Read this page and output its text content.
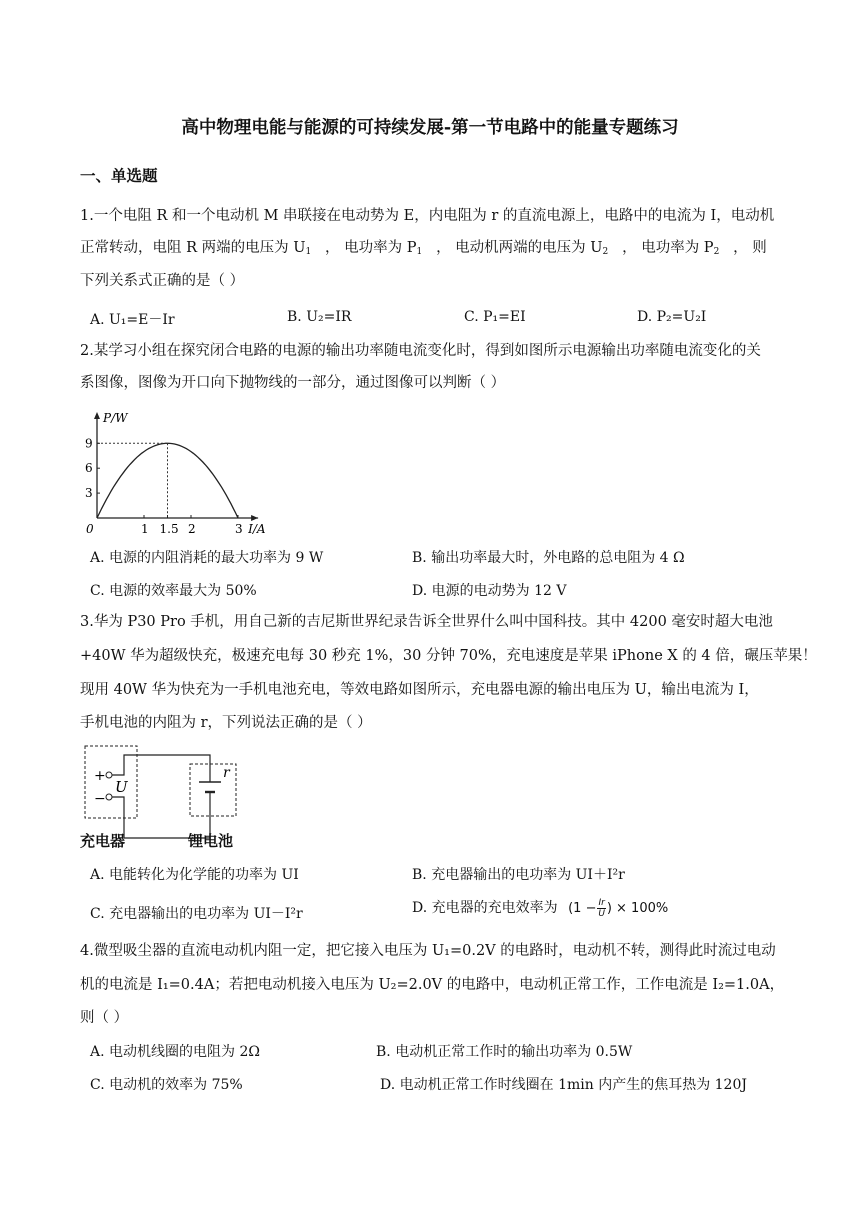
高中物理电能与能源的可持续发展-第一节电路中的能量专题练习
一、单选题
1.一个电阻 R 和一个电动机 M 串联接在电动势为 E，内电阻为 r 的直流电源上，电路中的电流为 I，电动机
正常转动，电阻 R 两端的电压为 $U_1$ ， 电功率为 $P_1$ ， 电动机两端的电压为 $U_2$ ， 电功率为 $P_2$ ， 则
下列关系式正确的是（ ）
A. U₁=E－Ir	B. U₂=IR	C. P₁=EI	D. P₂=U₂I
2.某学习小组在探究闭合电路的电源的输出功率随电流变化时，得到如图所示电源输出功率随电流变化的关
系图像，图像为开口向下抛物线的一部分，通过图像可以判断（ ）
0	1 1.5 2	3
3
6
9
P/W
I/A
A. 电源的内阻消耗的最大功率为 9 W	B. 输出功率最大时，外电路的总电阻为 4 Ω
C. 电源的效率最大为 50%	D. 电源的电动势为 12 V
3.华为 P30 Pro 手机，用自己新的吉尼斯世界纪录告诉全世界什么叫中国科技。其中 4200 毫安时超大电池
+40W 华为超级快充，极速充电每 30 秒充 1%，30 分钟 70%，充电速度是苹果 iPhone X 的 4 倍，碾压苹果！
现用 40W 华为快充为一手机电池充电，等效电路如图所示，充电器电源的输出电压为 U，输出电流为 I，
手机电池的内阻为 r，下列说法正确的是（ ）
+
−
U
r
充电器	锂电池
A. 电能转化为化学能的功率为 UI	B. 充电器输出的电功率为 UI＋I²r
C. 充电器输出的电功率为 UI－I²r	D. 充电器的充电效率为 ($1 - \frac{Ir}{U}$ ) × 100%
4.微型吸尘器的直流电动机内阻一定，把它接入电压为 U₁=0.2V 的电路时，电动机不转，测得此时流过电动
机的电流是 I₁=0.4A；若把电动机接入电压为 U₂=2.0V 的电路中，电动机正常工作，工作电流是 I₂=1.0A，
则（ ）
A. 电动机线圈的电阻为 2Ω	B. 电动机正常工作时的输出功率为 0.5W
C. 电动机的效率为 75%	D. 电动机正常工作时线圈在 1min 内产生的焦耳热为 120J
